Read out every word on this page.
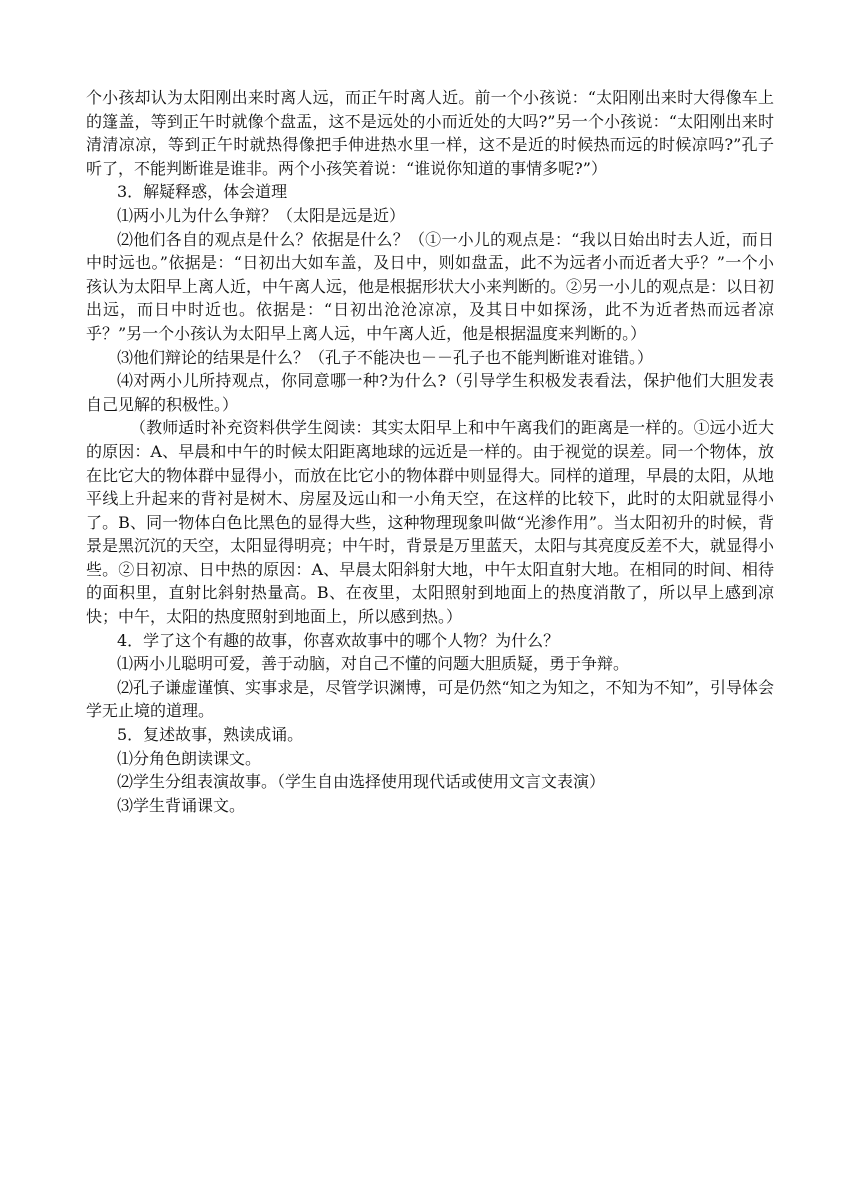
个小孩却认为太阳刚出来时离人远，而正午时离人近。前一个小孩说：“太阳刚出来时大得像车上的篷盖，等到正午时就像个盘盂，这不是远处的小而近处的大吗?”另一个小孩说：“太阳刚出来时清清凉凉，等到正午时就热得像把手伸进热水里一样，这不是近的时候热而远的时候凉吗?”孔子听了，不能判断谁是谁非。两个小孩笑着说：“谁说你知道的事情多呢?”）

3．解疑释惑，体会道理

⑴两小儿为什么争辩？（太阳是远是近）

⑵他们各自的观点是什么？依据是什么？（①一小儿的观点是：“我以日始出时去人近，而日中时远也。”依据是：“日初出大如车盖，及日中，则如盘盂，此不为远者小而近者大乎？”一个小孩认为太阳早上离人近，中午离人远，他是根据形状大小来判断的。②另一小儿的观点是：以日初出远，而日中时近也。依据是：“日初出沧沧凉凉，及其日中如探汤，此不为近者热而远者凉乎？”另一个小孩认为太阳早上离人远，中午离人近，他是根据温度来判断的。）

⑶他们辩论的结果是什么？（孔子不能决也－－孔子也不能判断谁对谁错。）

⑷对两小儿所持观点，你同意哪一种?为什么?（引导学生积极发表看法，保护他们大胆发表自己见解的积极性。）

（教师适时补充资料供学生阅读：其实太阳早上和中午离我们的距离是一样的。①远小近大的原因：A、早晨和中午的时候太阳距离地球的远近是一样的。由于视觉的误差。同一个物体，放在比它大的物体群中显得小，而放在比它小的物体群中则显得大。同样的道理，早晨的太阳，从地平线上升起来的背衬是树木、房屋及远山和一小角天空，在这样的比较下，此时的太阳就显得小了。B、同一物体白色比黑色的显得大些，这种物理现象叫做“光渗作用”。当太阳初升的时候，背景是黑沉沉的天空，太阳显得明亮；中午时，背景是万里蓝天，太阳与其亮度反差不大，就显得小些。②日初凉、日中热的原因：A、早晨太阳斜射大地，中午太阳直射大地。在相同的时间、相待的面积里，直射比斜射热量高。B、在夜里，太阳照射到地面上的热度消散了，所以早上感到凉快；中午，太阳的热度照射到地面上，所以感到热。）

4．学了这个有趣的故事，你喜欢故事中的哪个人物？为什么？

⑴两小儿聪明可爱，善于动脑，对自己不懂的问题大胆质疑，勇于争辩。

⑵孔子谦虚谨慎、实事求是，尽管学识渊博，可是仍然“知之为知之，不知为不知”，引导体会学无止境的道理。

5．复述故事，熟读成诵。

⑴分角色朗读课文。

⑵学生分组表演故事。（学生自由选择使用现代话或使用文言文表演）

⑶学生背诵课文。
